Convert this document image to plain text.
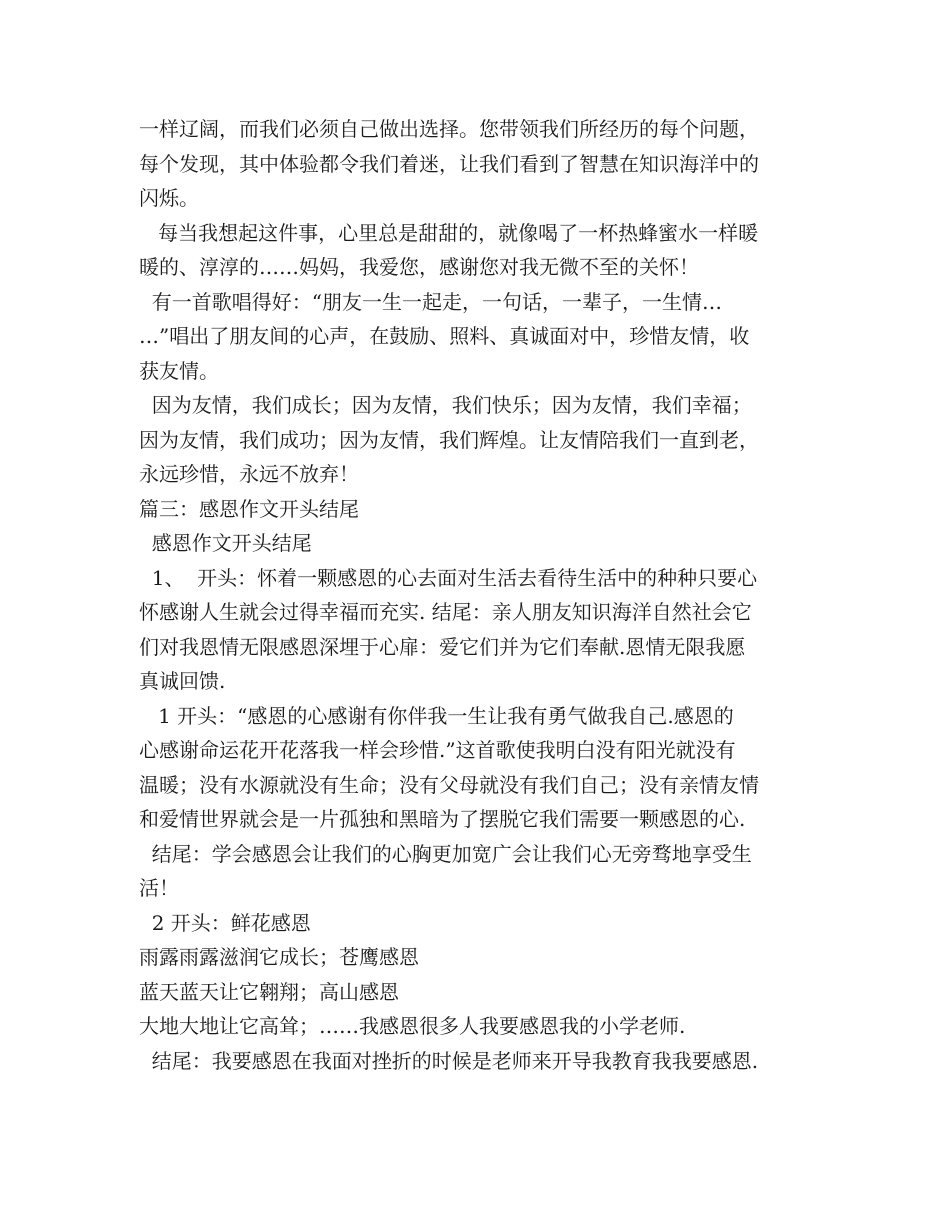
一样辽阔，而我们必须自己做出选择。您带领我们所经历的每个问题，
每个发现，其中体验都令我们着迷，让我们看到了智慧在知识海洋中的
闪烁。
每当我想起这件事，心里总是甜甜的，就像喝了一杯热蜂蜜水一样暖
暖的、淳淳的……妈妈，我爱您，感谢您对我无微不至的关怀！
有一首歌唱得好：“朋友一生一起走，一句话，一辈子，一生情…
…”唱出了朋友间的心声，在鼓励、照料、真诚面对中，珍惜友情，收
获友情。
因为友情，我们成长；因为友情，我们快乐；因为友情，我们幸福；
因为友情，我们成功；因为友情，我们辉煌。让友情陪我们一直到老，
永远珍惜，永远不放弃！
篇三：感恩作文开头结尾
感恩作文开头结尾
1、  开头：怀着一颗感恩的心去面对生活去看待生活中的种种只要心
怀感谢人生就会过得幸福而充实. 结尾：亲人朋友知识海洋自然社会它
们对我恩情无限感恩深埋于心扉：爱它们并为它们奉献.恩情无限我愿
真诚回馈.
1 开头：“感恩的心感谢有你伴我一生让我有勇气做我自己.感恩的
心感谢命运花开花落我一样会珍惜.”这首歌使我明白没有阳光就没有
温暖；没有水源就没有生命；没有父母就没有我们自己；没有亲情友情
和爱情世界就会是一片孤独和黑暗为了摆脱它我们需要一颗感恩的心.
结尾：学会感恩会让我们的心胸更加宽广会让我们心无旁骛地享受生
活！
2 开头：鲜花感恩
雨露雨露滋润它成长；苍鹰感恩
蓝天蓝天让它翱翔；高山感恩
大地大地让它高耸；……我感恩很多人我要感恩我的小学老师.
结尾：我要感恩在我面对挫折的时候是老师来开导我教育我我要感恩.
